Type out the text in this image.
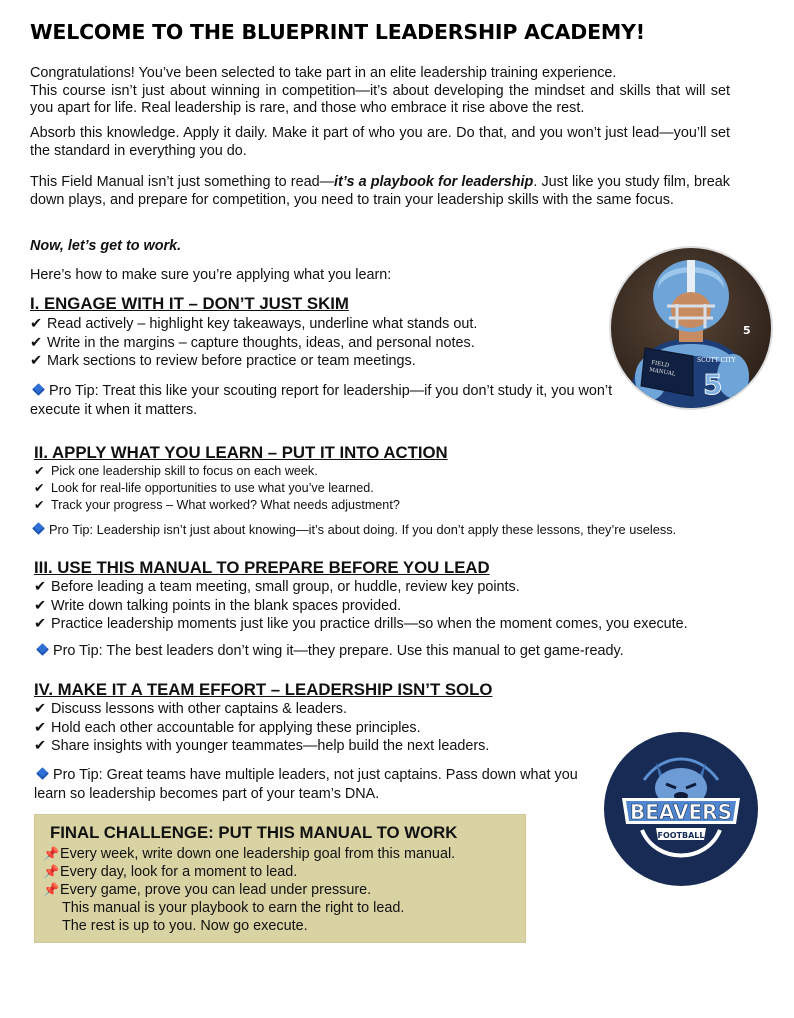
WELCOME TO THE BLUEPRINT LEADERSHIP ACADEMY!
Congratulations! You’ve been selected to take part in an elite leadership training experience.
This course isn’t just about winning in competition—it’s about developing the mindset and skills that will set you apart for life. Real leadership is rare, and those who embrace it rise above the rest.
Absorb this knowledge. Apply it daily. Make it part of who you are. Do that, and you won’t just lead—you’ll set the standard in everything you do.
This Field Manual isn’t just something to read—it’s a playbook for leadership. Just like you study film, break down plays, and prepare for competition, you need to train your leadership skills with the same focus.
Now, let’s get to work.
Here’s how to make sure you’re applying what you learn:
I. ENGAGE WITH IT – DON’T JUST SKIM
✔ Read actively – highlight key takeaways, underline what stands out.
✔ Write in the margins – capture thoughts, ideas, and personal notes.
✔ Mark sections to review before practice or team meetings.
Pro Tip: Treat this like your scouting report for leadership—if you don’t study it, you won’t execute it when it matters.
II. APPLY WHAT YOU LEARN – PUT IT INTO ACTION
✔ Pick one leadership skill to focus on each week.
✔ Look for real-life opportunities to use what you’ve learned.
✔ Track your progress – What worked? What needs adjustment?
Pro Tip: Leadership isn’t just about knowing—it’s about doing. If you don’t apply these lessons, they’re useless.
III. USE THIS MANUAL TO PREPARE BEFORE YOU LEAD
✔ Before leading a team meeting, small group, or huddle, review key points.
✔ Write down talking points in the blank spaces provided.
✔ Practice leadership moments just like you practice drills—so when the moment comes, you execute.
Pro Tip: The best leaders don’t wing it—they prepare. Use this manual to get game-ready.
IV. MAKE IT A TEAM EFFORT – LEADERSHIP ISN’T SOLO
✔ Discuss lessons with other captains & leaders.
✔ Hold each other accountable for applying these principles.
✔ Share insights with younger teammates—help build the next leaders.
Pro Tip: Great teams have multiple leaders, not just captains. Pass down what you learn so leadership becomes part of your team’s DNA.
FINAL CHALLENGE: PUT THIS MANUAL TO WORK
📌Every week, write down one leadership goal from this manual.
📌Every day, look for a moment to lead.
📌Every game, prove you can lead under pressure.
This manual is your playbook to earn the right to lead.
The rest is up to you. Now go execute.
FIELD
MANUAL
SCOTT CITY
5
5
BEAVERS
FOOTBALL
